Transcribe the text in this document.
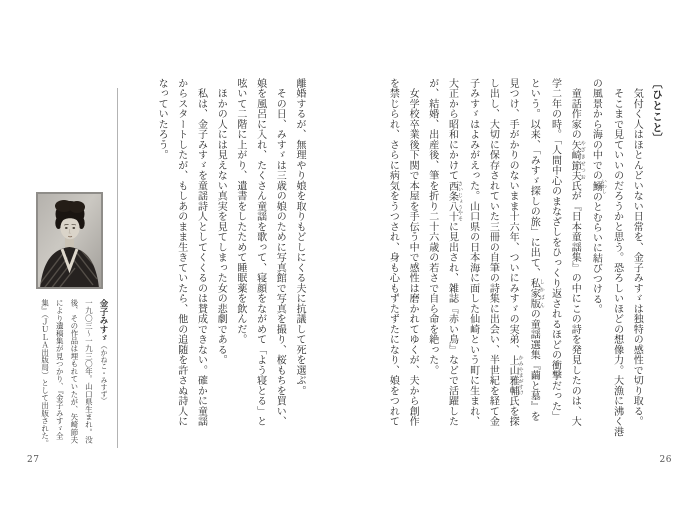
〔ひとこと〕

　気付く人はほとんどいない日常を、金子みすゞは独特の感性で切り取る。

　そこまで見ていいのだろうかと思う。恐ろしいほどの想像力。大漁に沸く港

の風景から海の中での鰯 いわしのとむらいに結びつける。

　童話作家の矢崎節夫 やざきせつお氏が『日本童謡集』の中にこの詩を発見したのは、大

学二年の時。「人間中心のまなざしをひっくり返されるほどの衝撃だった」

という。以来、「みすゞ探しの旅」に出て、私家版 しかばんの童謡選集『繭と墓』を

見つけ、手がかりのないまま十六年、ついにみすゞの実弟、上山雅輔 かみやまがすけ氏を探

し出し、大切に保存されていた三冊の自筆の詩集に出会い、半世紀を経て金

子みすゞはよみがえった。山口県の日本海に面した仙崎という町に生まれ、

大正から昭和にかけて西条八十 さいじょうやそに見出され、雑誌『赤い鳥』などで活躍した

が、結婚、出産後、筆を折り二十六歳の若さで自ら命を絶った。

　女学校卒業後下関で本屋を手伝う中で感性は磨かれてゆくが、夫から創作

を禁じられ、さらに病気をうつされ、身も心もずたずたになり、娘をつれて

離婚するが、無理やり娘を取りもどしにくる夫に抗議して死を選ぶ。

　その日、みすゞは三歳の娘のために写真館で写真を撮り、桜もちを買い、

娘を風呂に入れ、たくさん童謡を歌って、寝顔をながめて「よう寝とる」と

呟いて二階に上がり、遺書をしたためて睡眠薬を飲んだ。

　ほかの人には見えない真実を見てしまった女の悲劇である。

　私は、金子みすゞを童謡詩人としてくくるのは賛成できない。確かに童謡

からスタートしたが、もしあのまま生きていたら、他の追随を許さぬ詩人に

なっていたろう。

金子みすゞ（かねこ・みすず）

一九〇三〜一九三〇年。山口県生まれ。没

後、その作品は埋もれていたが、矢崎節夫

により遺稿集が見つかり、『金子みすゞ全

集』（ＪＵＬＡ出版局）として出版された。

27	26
